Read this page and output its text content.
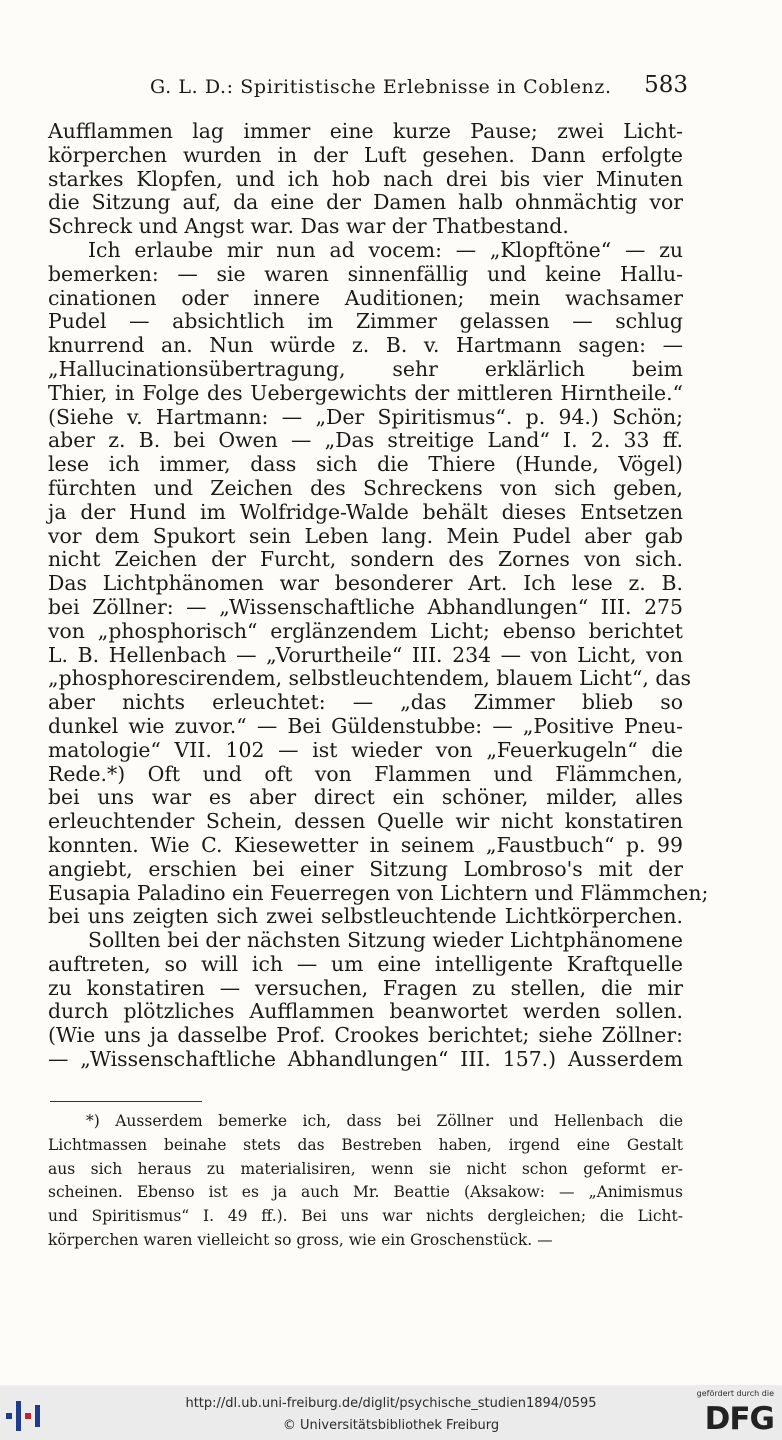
G. L. D.: Spiritistische Erlebnisse in Coblenz. 583
Aufflammen lag immer eine kurze Pause; zwei Licht-
körperchen wurden in der Luft gesehen. Dann erfolgte
starkes Klopfen, und ich hob nach drei bis vier Minuten
die Sitzung auf, da eine der Damen halb ohnmächtig vor
Schreck und Angst war. Das war der Thatbestand.
Ich erlaube mir nun ad vocem: — „Klopftöne“ — zu
bemerken: — sie waren sinnenfällig und keine Hallu-
cinationen oder innere Auditionen; mein wachsamer
Pudel — absichtlich im Zimmer gelassen — schlug
knurrend an. Nun würde z. B. v. Hartmann sagen: —
„Hallucinationsübertragung, sehr erklärlich beim
Thier, in Folge des Uebergewichts der mittleren Hirntheile.“
(Siehe v. Hartmann: — „Der Spiritismus“. p. 94.) Schön;
aber z. B. bei Owen — „Das streitige Land“ I. 2. 33 ff.
lese ich immer, dass sich die Thiere (Hunde, Vögel)
fürchten und Zeichen des Schreckens von sich geben,
ja der Hund im Wolfridge-Walde behält dieses Entsetzen
vor dem Spukort sein Leben lang. Mein Pudel aber gab
nicht Zeichen der Furcht, sondern des Zornes von sich.
Das Lichtphänomen war besonderer Art. Ich lese z. B.
bei Zöllner: — „Wissenschaftliche Abhandlungen“ III. 275
von „phosphorisch“ erglänzendem Licht; ebenso berichtet
L. B. Hellenbach — „Vorurtheile“ III. 234 — von Licht, von
„phosphorescirendem, selbstleuchtendem, blauem Licht“, das
aber nichts erleuchtet: — „das Zimmer blieb so
dunkel wie zuvor.“ — Bei Güldenstubbe: — „Positive Pneu-
matologie“ VII. 102 — ist wieder von „Feuerkugeln“ die
Rede.*) Oft und oft von Flammen und Flämmchen,
bei uns war es aber direct ein schöner, milder, alles
erleuchtender Schein, dessen Quelle wir nicht konstatiren
konnten. Wie C. Kiesewetter in seinem „Faustbuch“ p. 99
angiebt, erschien bei einer Sitzung Lombroso's mit der
Eusapia Paladino ein Feuerregen von Lichtern und Flämmchen;
bei uns zeigten sich zwei selbstleuchtende Lichtkörperchen.
Sollten bei der nächsten Sitzung wieder Lichtphänomene
auftreten, so will ich — um eine intelligente Kraftquelle
zu konstatiren — versuchen, Fragen zu stellen, die mir
durch plötzliches Aufflammen beanwortet werden sollen.
(Wie uns ja dasselbe Prof. Crookes berichtet; siehe Zöllner:
— „Wissenschaftliche Abhandlungen“ III. 157.) Ausserdem
*) Ausserdem bemerke ich, dass bei Zöllner und Hellenbach die
Lichtmassen beinahe stets das Bestreben haben, irgend eine Gestalt
aus sich heraus zu materialisiren, wenn sie nicht schon geformt er-
scheinen. Ebenso ist es ja auch Mr. Beattie (Aksakow: — „Animismus
und Spiritismus“ I. 49 ff.). Bei uns war nichts dergleichen; die Licht-
körperchen waren vielleicht so gross, wie ein Groschenstück. —
http://dl.ub.uni-freiburg.de/diglit/psychische_studien1894/0595
© Universitätsbibliothek Freiburg
gefördert durch die
DFG
